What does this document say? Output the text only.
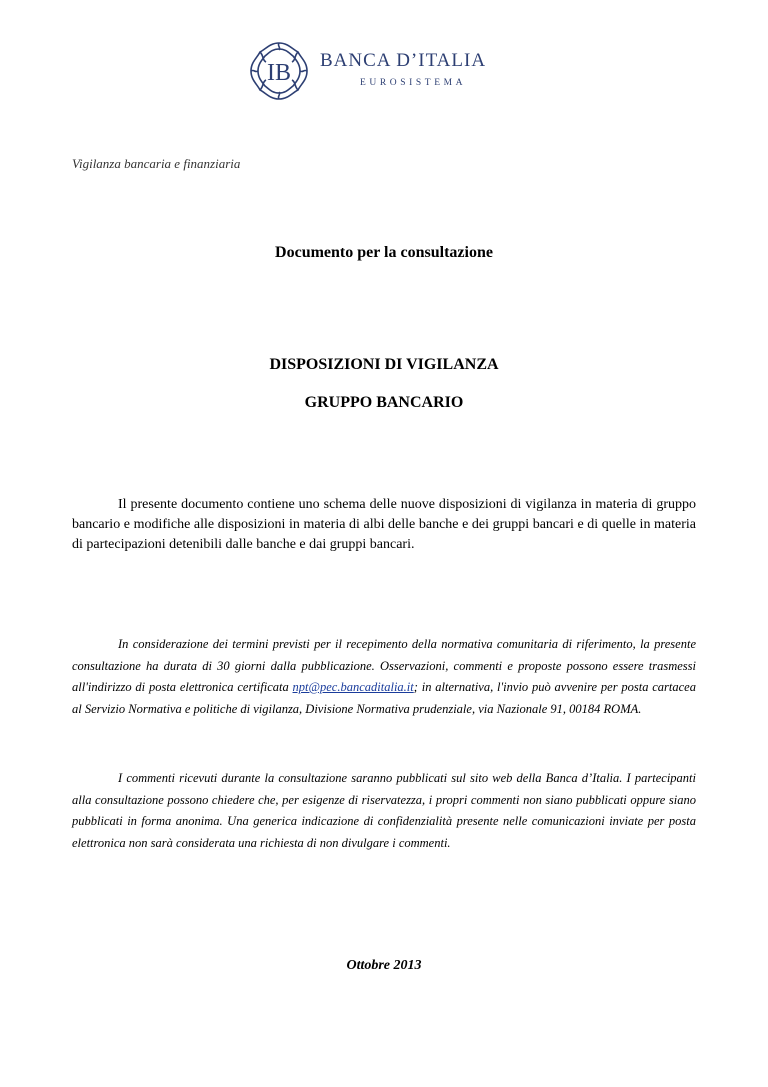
IB BANCA D’ITALIA
EUROSISTEMA
Vigilanza bancaria e finanziaria
Documento per la consultazione
DISPOSIZIONI DI VIGILANZA
GRUPPO BANCARIO
Il presente documento contiene uno schema delle nuove disposizioni di vigilanza in materia di gruppo bancario e modifiche alle disposizioni in materia di albi delle banche e dei gruppi bancari e di quelle in materia di partecipazioni detenibili dalle banche e dai gruppi bancari.
In considerazione dei termini previsti per il recepimento della normativa comunitaria di riferimento, la presente consultazione ha durata di 30 giorni dalla pubblicazione. Osservazioni, commenti e proposte possono essere trasmessi all'indirizzo di posta elettronica certificata npt@pec.bancaditalia.it; in alternativa, l'invio può avvenire per posta cartacea al Servizio Normativa e politiche di vigilanza, Divisione Normativa prudenziale, via Nazionale 91, 00184 ROMA.
I commenti ricevuti durante la consultazione saranno pubblicati sul sito web della Banca d’Italia. I partecipanti alla consultazione possono chiedere che, per esigenze di riservatezza, i propri commenti non siano pubblicati oppure siano pubblicati in forma anonima. Una generica indicazione di confidenzialità presente nelle comunicazioni inviate per posta elettronica non sarà considerata una richiesta di non divulgare i commenti.
Ottobre 2013
